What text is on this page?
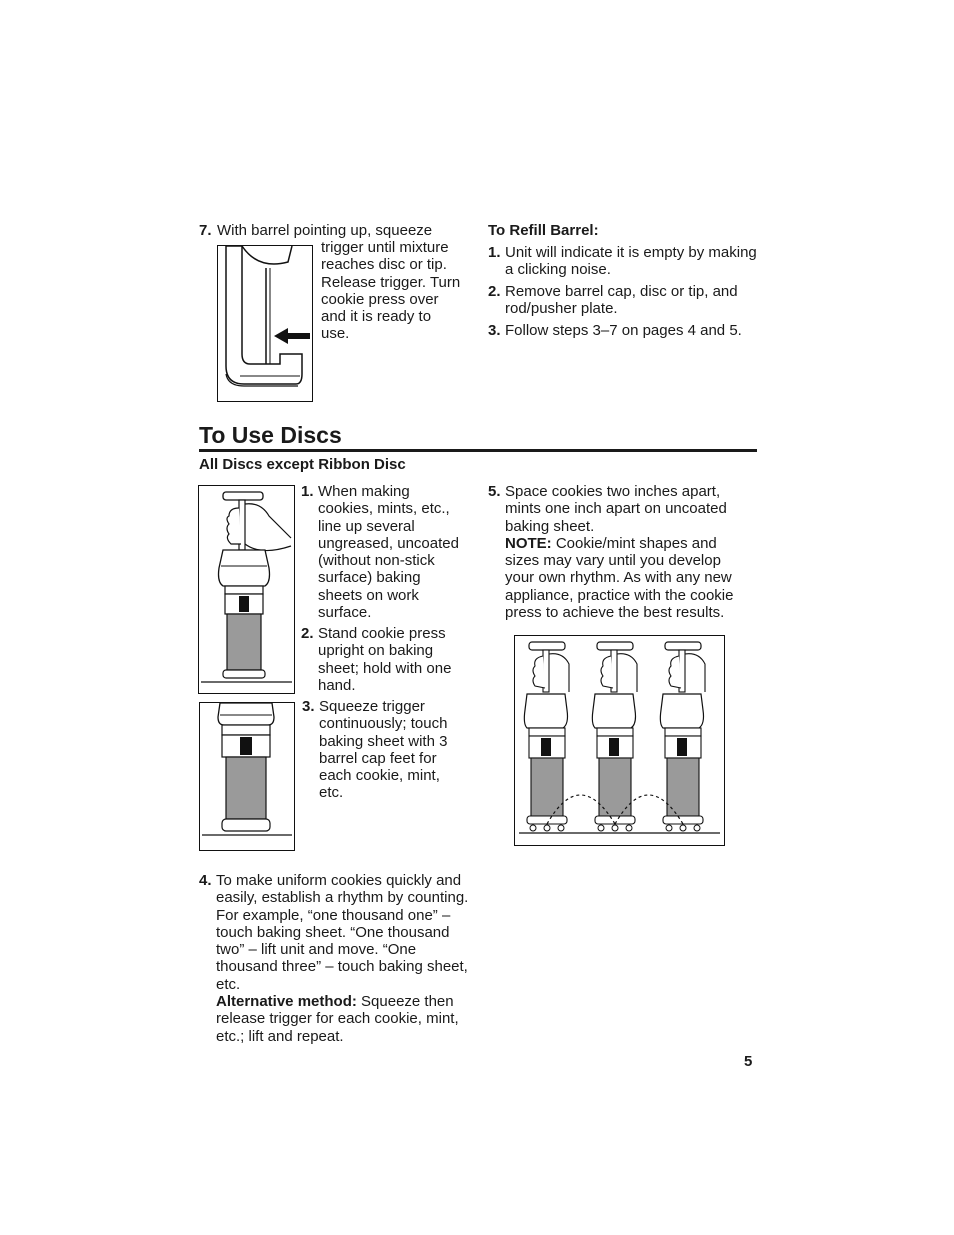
7. With barrel pointing up, squeeze
trigger until mixture reaches disc or tip. Release trigger. Turn cookie press over and it is ready to use.
To Refill Barrel:
1. Unit will indicate it is empty by making a clicking noise.
2. Remove barrel cap, disc or tip, and rod/pusher plate.
3. Follow steps 3–7 on pages 4 and 5.
To Use Discs
All Discs except Ribbon Disc
1. When making cookies, mints, etc., line up several ungreased, uncoated (without non-stick surface) baking sheets on work surface.
2. Stand cookie press upright on baking sheet; hold with one hand.
3. Squeeze trigger continuously; touch baking sheet with 3 barrel cap feet for each cookie, mint, etc.
4. To make uniform cookies quickly and easily, establish a rhythm by counting. For example, “one thousand one” – touch baking sheet. “One thousand two” – lift unit and move. “One thousand three” – touch baking sheet, etc.
Alternative method: Squeeze then release trigger for each cookie, mint, etc.; lift and repeat.
5. Space cookies two inches apart, mints one inch apart on uncoated baking sheet.
NOTE: Cookie/mint shapes and sizes may vary until you develop your own rhythm. As with any new appliance, practice with the cookie press to achieve the best results.
5
